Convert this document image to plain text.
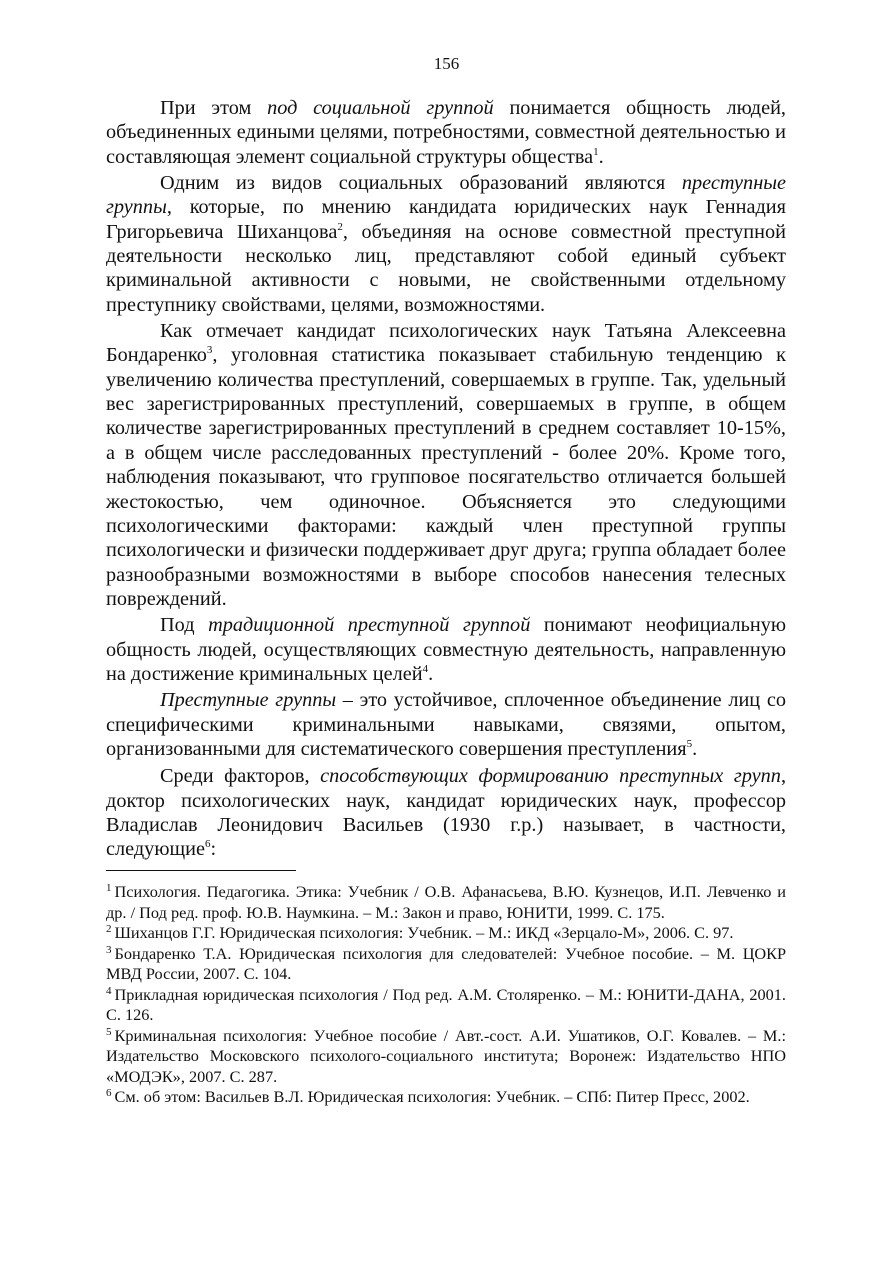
156

При этом под социальной группой понимается общность людей, объединенных едиными целями, потребностями, совместной деятельностью и составляющая элемент социальной структуры общества$^1$.

Одним из видов социальных образований являются преступные группы, которые, по мнению кандидата юридических наук Геннадия Григорьевича Шиханцова$^2$, объединяя на основе совместной преступной деятельности несколько лиц, представляют собой единый субъект криминальной активности с новыми, не свойственными отдельному преступнику свойствами, целями, возможностями.

Как отмечает кандидат психологических наук Татьяна Алексеевна Бондаренко$^3$, уголовная статистика показывает стабильную тенденцию к увеличению количества преступлений, совершаемых в группе. Так, удельный вес зарегистрированных преступлений, совершаемых в группе, в общем количестве зарегистрированных преступлений в среднем составляет 10-15%, а в общем числе расследованных преступлений - более 20%. Кроме того, наблюдения показывают, что групповое посягательство отличается большей жестокостью, чем одиночное. Объясняется это следующими психологическими факторами: каждый член преступной группы психологически и физически поддерживает друг друга; группа обладает более разнообразными возможностями в выборе способов нанесения телесных повреждений.

Под традиционной преступной группой понимают неофициальную общность людей, осуществляющих совместную деятельность, направленную на достижение криминальных целей$^4$.

Преступные группы – это устойчивое, сплоченное объединение лиц со специфическими криминальными навыками, связями, опытом, организованными для систематического совершения преступления$^5$.

Среди факторов, способствующих формированию преступных групп, доктор психологических наук, кандидат юридических наук, профессор Владислав Леонидович Васильев (1930 г.р.) называет, в частности, следующие$^6$:

$^1$ Психология. Педагогика. Этика: Учебник / О.В. Афанасьева, В.Ю. Кузнецов, И.П. Левченко и др. / Под ред. проф. Ю.В. Наумкина. – М.: Закон и право, ЮНИТИ, 1999. С. 175.

$^2$ Шиханцов Г.Г. Юридическая психология: Учебник. – М.: ИКД «Зерцало-М», 2006. С. 97.

$^3$ Бондаренко Т.А. Юридическая психология для следователей: Учебное пособие. – М. ЦОКР МВД России, 2007. С. 104.

$^4$ Прикладная юридическая психология / Под ред. А.М. Столяренко. – М.: ЮНИТИ-ДАНА, 2001. С. 126.

$^5$ Криминальная психология: Учебное пособие / Авт.-сост. А.И. Ушатиков, О.Г. Ковалев. – М.: Издательство Московского психолого-социального института; Воронеж: Издательство НПО «МОДЭК», 2007. С. 287.

$^6$ См. об этом: Васильев В.Л. Юридическая психология: Учебник. – СПб: Питер Пресс, 2002.
